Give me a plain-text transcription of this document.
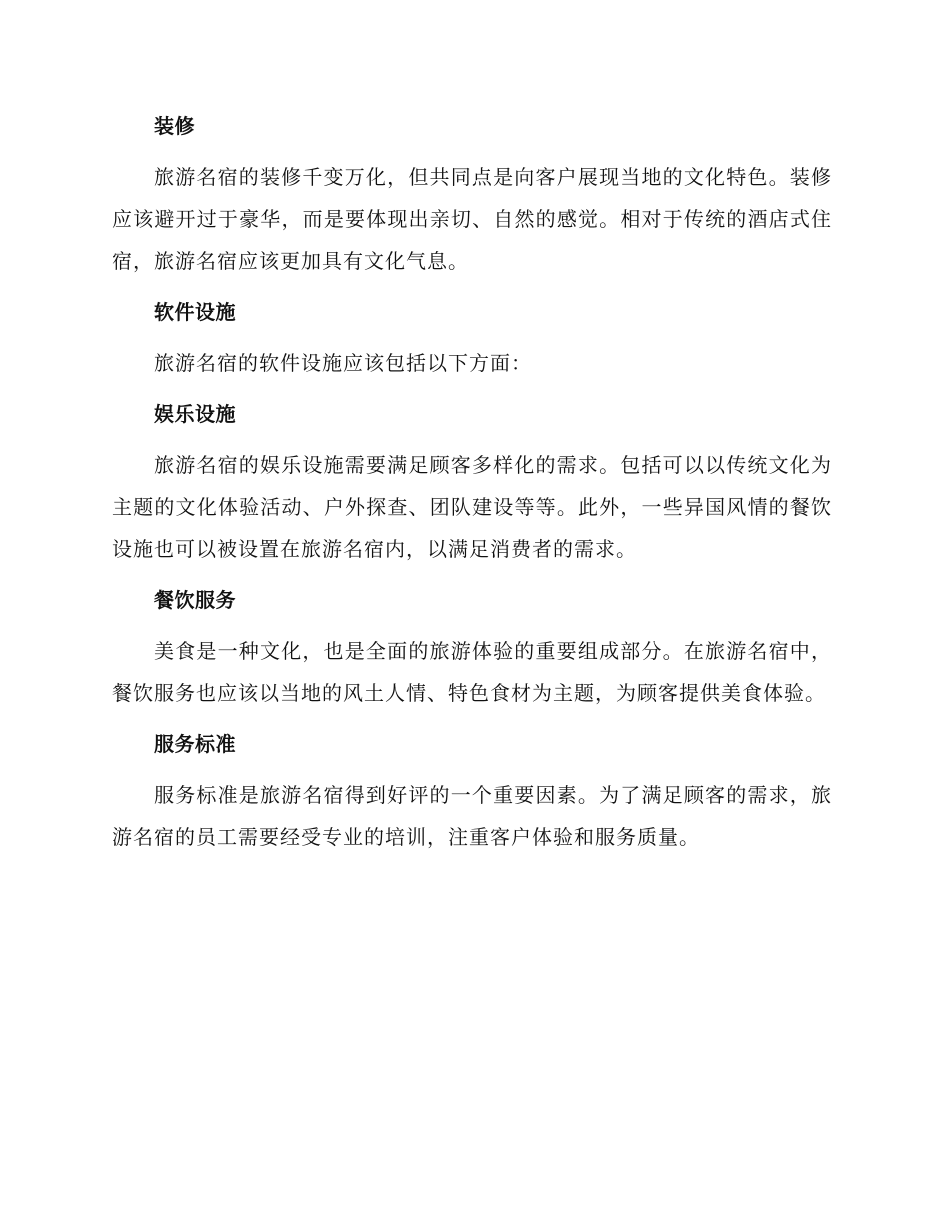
装修

旅游名宿的装修千变万化，但共同点是向客户展现当地的文化特色。装修应该避开过于豪华，而是要体现出亲切、自然的感觉。相对于传统的酒店式住宿，旅游名宿应该更加具有文化气息。

软件设施

旅游名宿的软件设施应该包括以下方面：

娱乐设施

旅游名宿的娱乐设施需要满足顾客多样化的需求。包括可以以传统文化为主题的文化体验活动、户外探查、团队建设等等。此外，一些异国风情的餐饮设施也可以被设置在旅游名宿内，以满足消费者的需求。

餐饮服务

美食是一种文化，也是全面的旅游体验的重要组成部分。在旅游名宿中，餐饮服务也应该以当地的风土人情、特色食材为主题，为顾客提供美食体验。

服务标准

服务标准是旅游名宿得到好评的一个重要因素。为了满足顾客的需求，旅游名宿的员工需要经受专业的培训，注重客户体验和服务质量。
